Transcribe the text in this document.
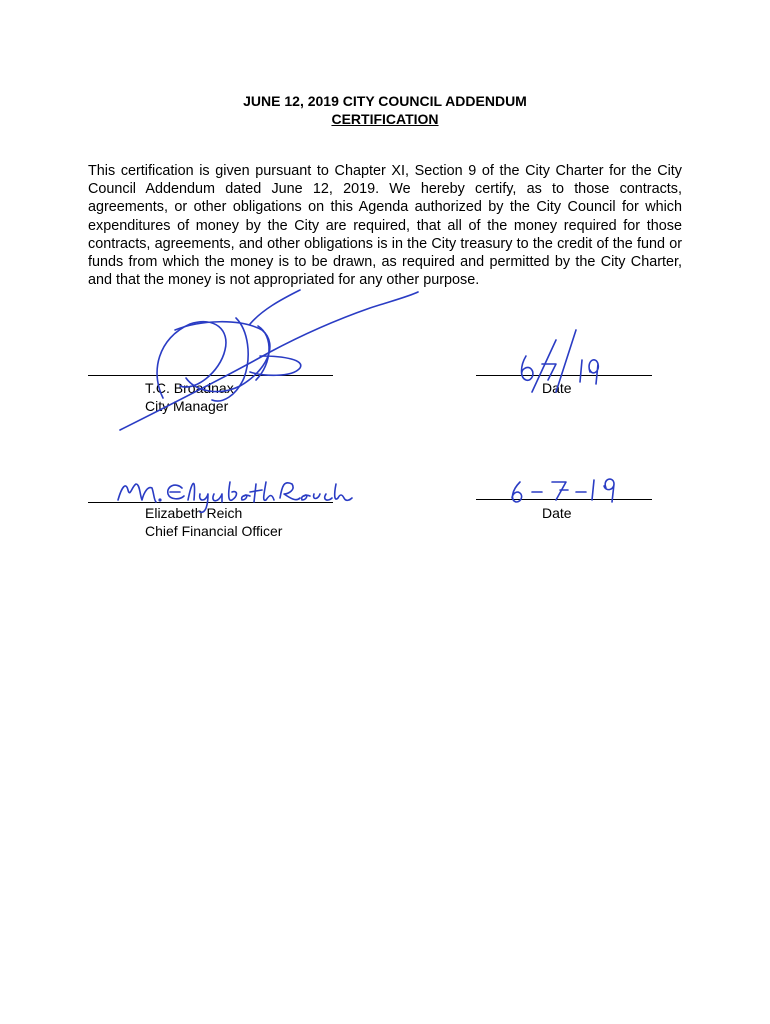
JUNE 12, 2019 CITY COUNCIL ADDENDUM
CERTIFICATION
This certification is given pursuant to Chapter XI, Section 9 of the City Charter for the City Council Addendum dated June 12, 2019. We hereby certify, as to those contracts, agreements, or other obligations on this Agenda authorized by the City Council for which expenditures of money by the City are required, that all of the money required for those contracts, agreements, and other obligations is in the City treasury to the credit of the fund or funds from which the money is to be drawn, as required and permitted by the City Charter, and that the money is not appropriated for any other purpose.
T.C. Broadnax
City Manager
Date
Elizabeth Reich
Chief Financial Officer
Date
